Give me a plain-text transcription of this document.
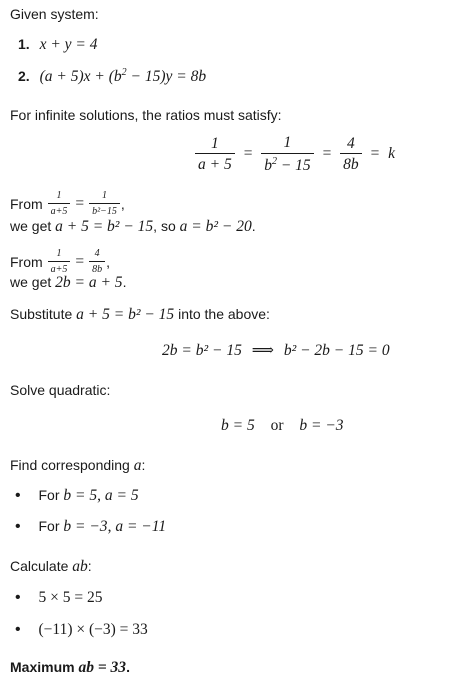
Given system:
1. x + y = 4
2. $(a + 5)x + (b^2 - 15)y = 8b$
For infinite solutions, the ratios must satisfy:
$\frac{1}{a + 5} = \frac{1}{b^2 - 15} = \frac{4}{8b} = k$
From $\frac{1}{a+5} = \frac{1}{\text{b²−15}}$ ,
we get a + 5 = b² − 15, so a = b² − 20.
From $\frac{1}{a+5} = \frac{4}{8b}$ ,
we get 2b = a + 5.
Substitute a + 5 = b² − 15 into the above:
2b = b² − 15 ⟹ b² − 2b − 15 = 0
Solve quadratic:
b = 5 or b = −3
Find corresponding a:
• For b = 5, a = 5
• For b = −3, a = −11
Calculate ab:
• 5 × 5 = 25
• (−11) × (−3) = 33
Maximum ab = 33.
